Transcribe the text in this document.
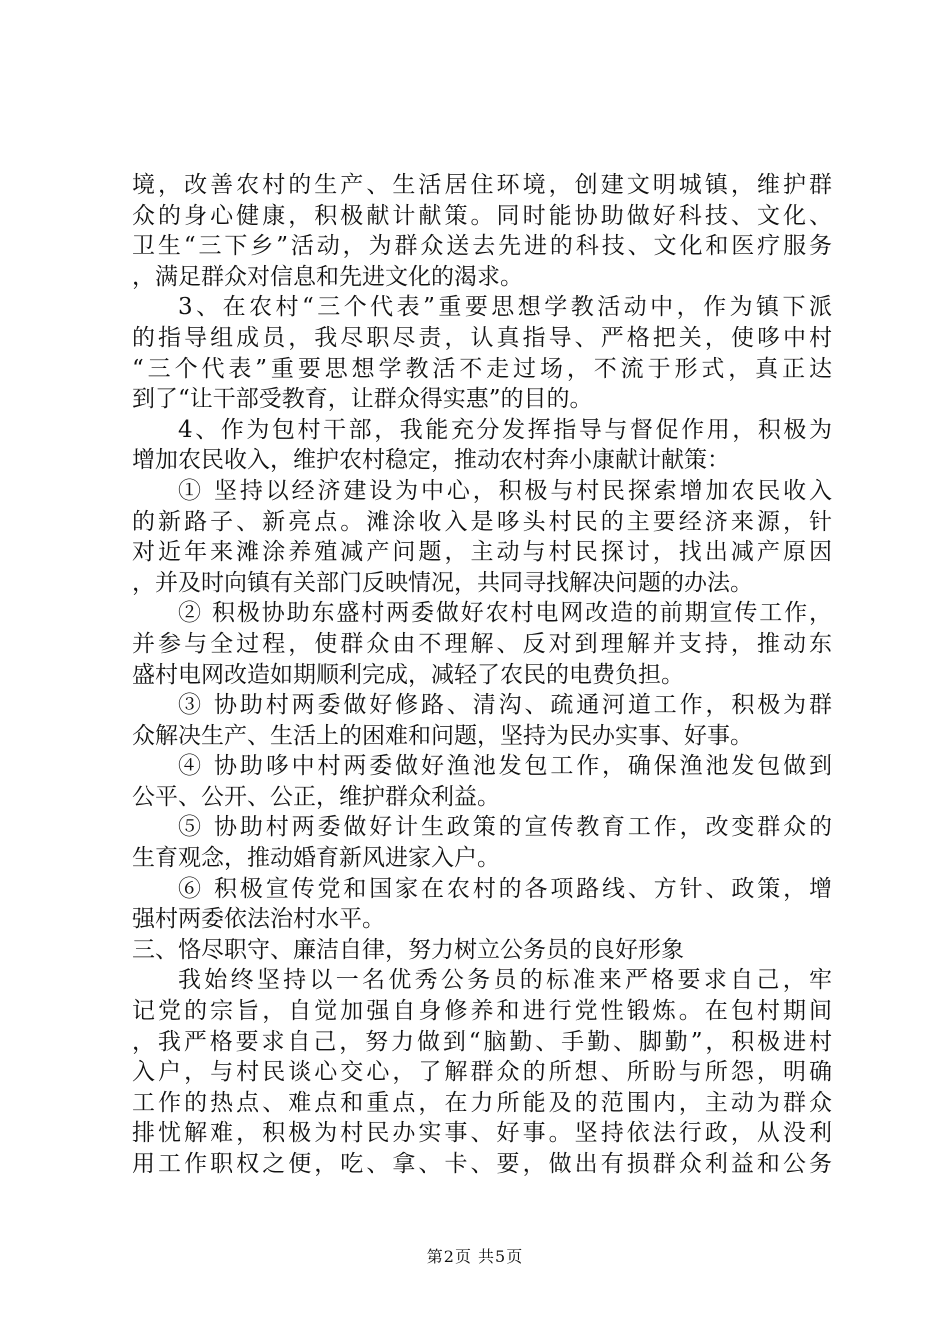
境，改善农村的生产、生活居住环境，创建文明城镇，维护群
众的身心健康，积极献计献策。同时能协助做好科技、文化、
卫生“三下乡”活动，为群众送去先进的科技、文化和医疗服务
，满足群众对信息和先进文化的渴求。
3、在农村“三个代表”重要思想学教活动中，作为镇下派
的指导组成员，我尽职尽责，认真指导、严格把关，使哆中村
“三个代表”重要思想学教活不走过场，不流于形式，真正达
到了“让干部受教育，让群众得实惠”的目的。
4、作为包村干部，我能充分发挥指导与督促作用，积极为
增加农民收入，维护农村稳定，推动农村奔小康献计献策：
① 坚持以经济建设为中心，积极与村民探索增加农民收入
的新路子、新亮点。滩涂收入是哆头村民的主要经济来源，针
对近年来滩涂养殖减产问题，主动与村民探讨，找出减产原因
，并及时向镇有关部门反映情况，共同寻找解决问题的办法。
② 积极协助东盛村两委做好农村电网改造的前期宣传工作，
并参与全过程，使群众由不理解、反对到理解并支持，推动东
盛村电网改造如期顺利完成，减轻了农民的电费负担。
③ 协助村两委做好修路、清沟、疏通河道工作，积极为群
众解决生产、生活上的困难和问题，坚持为民办实事、好事。
④ 协助哆中村两委做好渔池发包工作，确保渔池发包做到
公平、公开、公正，维护群众利益。
⑤ 协助村两委做好计生政策的宣传教育工作，改变群众的
生育观念，推动婚育新风进家入户。
⑥ 积极宣传党和国家在农村的各项路线、方针、政策，增
强村两委依法治村水平。
三、恪尽职守、廉洁自律，努力树立公务员的良好形象
我始终坚持以一名优秀公务员的标准来严格要求自己，牢
记党的宗旨，自觉加强自身修养和进行党性锻炼。在包村期间
，我严格要求自己，努力做到“脑勤、手勤、脚勤”，积极进村
入户，与村民谈心交心，了解群众的所想、所盼与所怨，明确
工作的热点、难点和重点，在力所能及的范围内，主动为群众
排忧解难，积极为村民办实事、好事。坚持依法行政，从没利
用工作职权之便，吃、拿、卡、要，做出有损群众利益和公务
第2页 共5页
